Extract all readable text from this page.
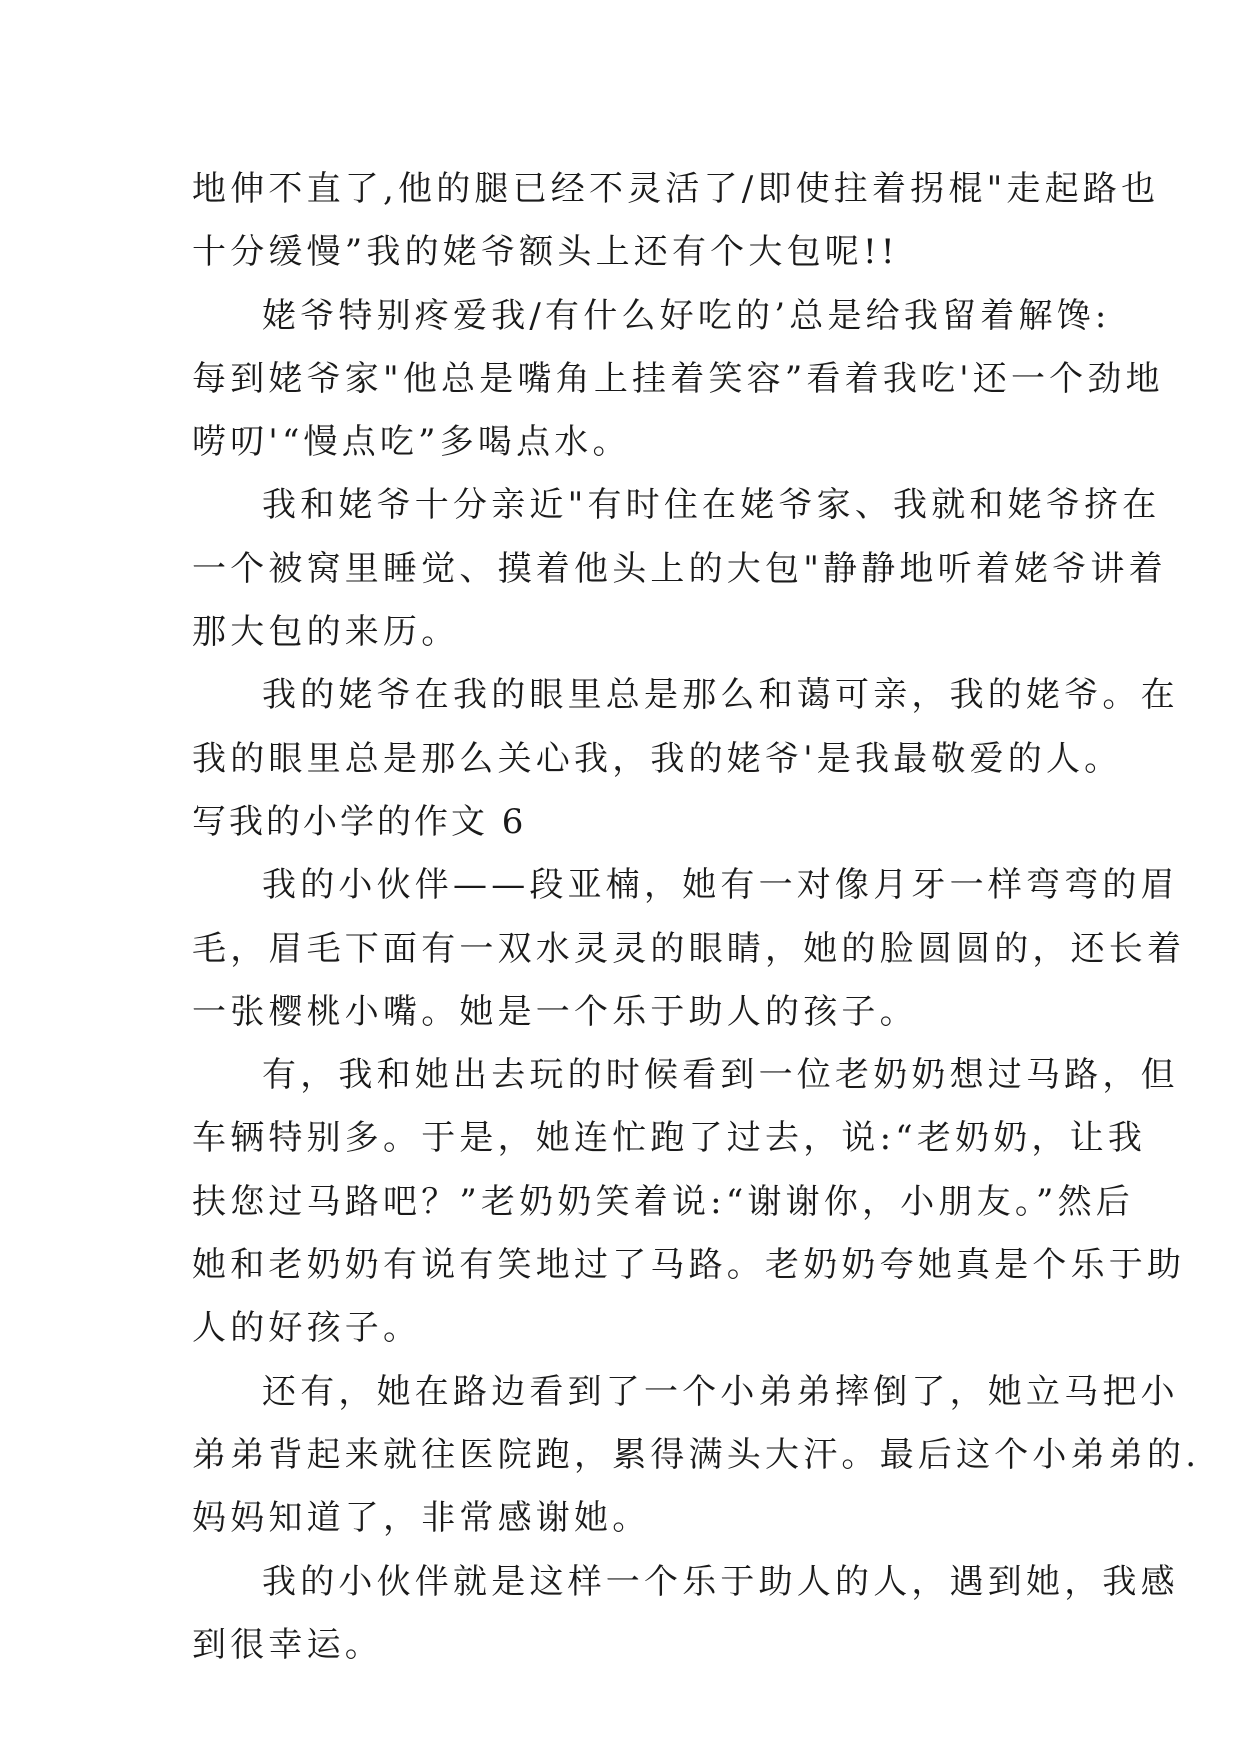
地伸不直了,他的腿已经不灵活了/即使拄着拐棍"走起路也
十分缓慢”我的姥爷额头上还有个大包呢!!
姥爷特别疼爱我/有什么好吃的’总是给我留着解馋:
每到姥爷家"他总是嘴角上挂着笑容”看着我吃'还一个劲地
唠叨'“慢点吃”多喝点水。
我和姥爷十分亲近"有时住在姥爷家、我就和姥爷挤在
一个被窝里睡觉、摸着他头上的大包"静静地听着姥爷讲着
那大包的来历。
我的姥爷在我的眼里总是那么和蔼可亲，我的姥爷。在
我的眼里总是那么关心我，我的姥爷'是我最敬爱的人。
写我的小学的作文 6
我的小伙伴——段亚楠，她有一对像月牙一样弯弯的眉
毛，眉毛下面有一双水灵灵的眼睛，她的脸圆圆的，还长着
一张樱桃小嘴。她是一个乐于助人的孩子。
有，我和她出去玩的时候看到一位老奶奶想过马路，但
车辆特别多。于是，她连忙跑了过去，说:“老奶奶，让我
扶您过马路吧？”老奶奶笑着说:“谢谢你，小朋友。”然后
她和老奶奶有说有笑地过了马路。老奶奶夸她真是个乐于助
人的好孩子。
还有，她在路边看到了一个小弟弟摔倒了，她立马把小
弟弟背起来就往医院跑，累得满头大汗。最后这个小弟弟的.
妈妈知道了，非常感谢她。
我的小伙伴就是这样一个乐于助人的人，遇到她，我感
到很幸运。
